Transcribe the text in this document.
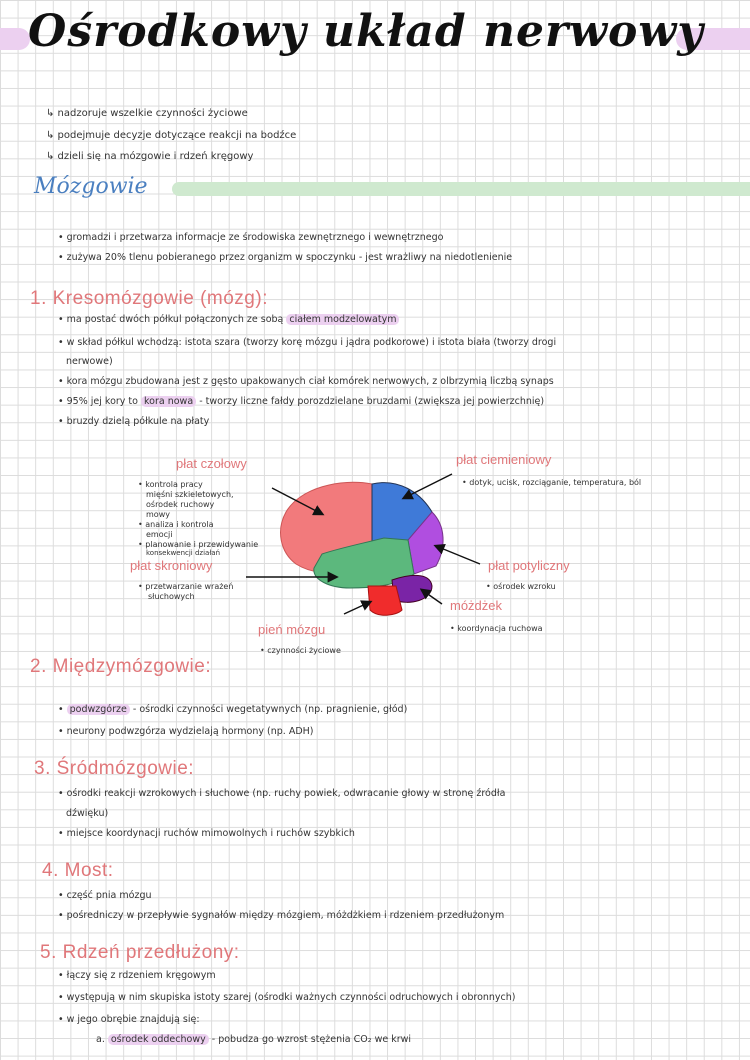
Ośrodkowy układ nerwowy
↳ nadzoruje wszelkie czynności życiowe
↳ podejmuje decyzje dotyczące reakcji na bodźce
↳ dzieli się na mózgowie i rdzeń kręgowy
Mózgowie
• gromadzi i przetwarza informacje ze środowiska zewnętrznego i wewnętrznego
• zużywa 20% tlenu pobieranego przez organizm w spoczynku - jest wrażliwy na niedotlenienie
1. Kresomózgowie (mózg):
• ma postać dwóch półkul połączonych ze sobą ciałem modzelowatym
• w skład półkul wchodzą: istota szara (tworzy korę mózgu i jądra podkorowe) i istota biała (tworzy drogi
nerwowe)
• kora mózgu zbudowana jest z gęsto upakowanych ciał komórek nerwowych, z olbrzymią liczbą synaps
• 95% jej kory to kora nowa - tworzy liczne fałdy porozdzielane bruzdami (zwiększa jej powierzchnię)
• bruzdy dzielą półkule na płaty
płat czołowy
• kontrola pracy
mięśni szkieletowych,
ośrodek ruchowy
mowy
• analiza i kontrola
emocji
• planowanie i przewidywanie
konsekwencji działań
płat ciemieniowy
• dotyk, ucisk, rozciąganie, temperatura, ból
płat skroniowy
• przetwarzanie wrażeń
słuchowych
płat potyliczny
• ośrodek wzroku
móżdżek
• koordynacja ruchowa
pień mózgu
• czynności życiowe
2. Międzymózgowie:
• podwzgórze - ośrodki czynności wegetatywnych (np. pragnienie, głód)
• neurony podwzgórza wydzielają hormony (np. ADH)
3. Śródmózgowie:
• ośrodki reakcji wzrokowych i słuchowe (np. ruchy powiek, odwracanie głowy w stronę źródła
dźwięku)
• miejsce koordynacji ruchów mimowolnych i ruchów szybkich
4. Most:
• część pnia mózgu
• pośredniczy w przepływie sygnałów między mózgiem, móżdżkiem i rdzeniem przedłużonym
5. Rdzeń przedłużony:
• łączy się z rdzeniem kręgowym
• występują w nim skupiska istoty szarej (ośrodki ważnych czynności odruchowych i obronnych)
• w jego obrębie znajdują się:
a. ośrodek oddechowy - pobudza go wzrost stężenia CO₂ we krwi
